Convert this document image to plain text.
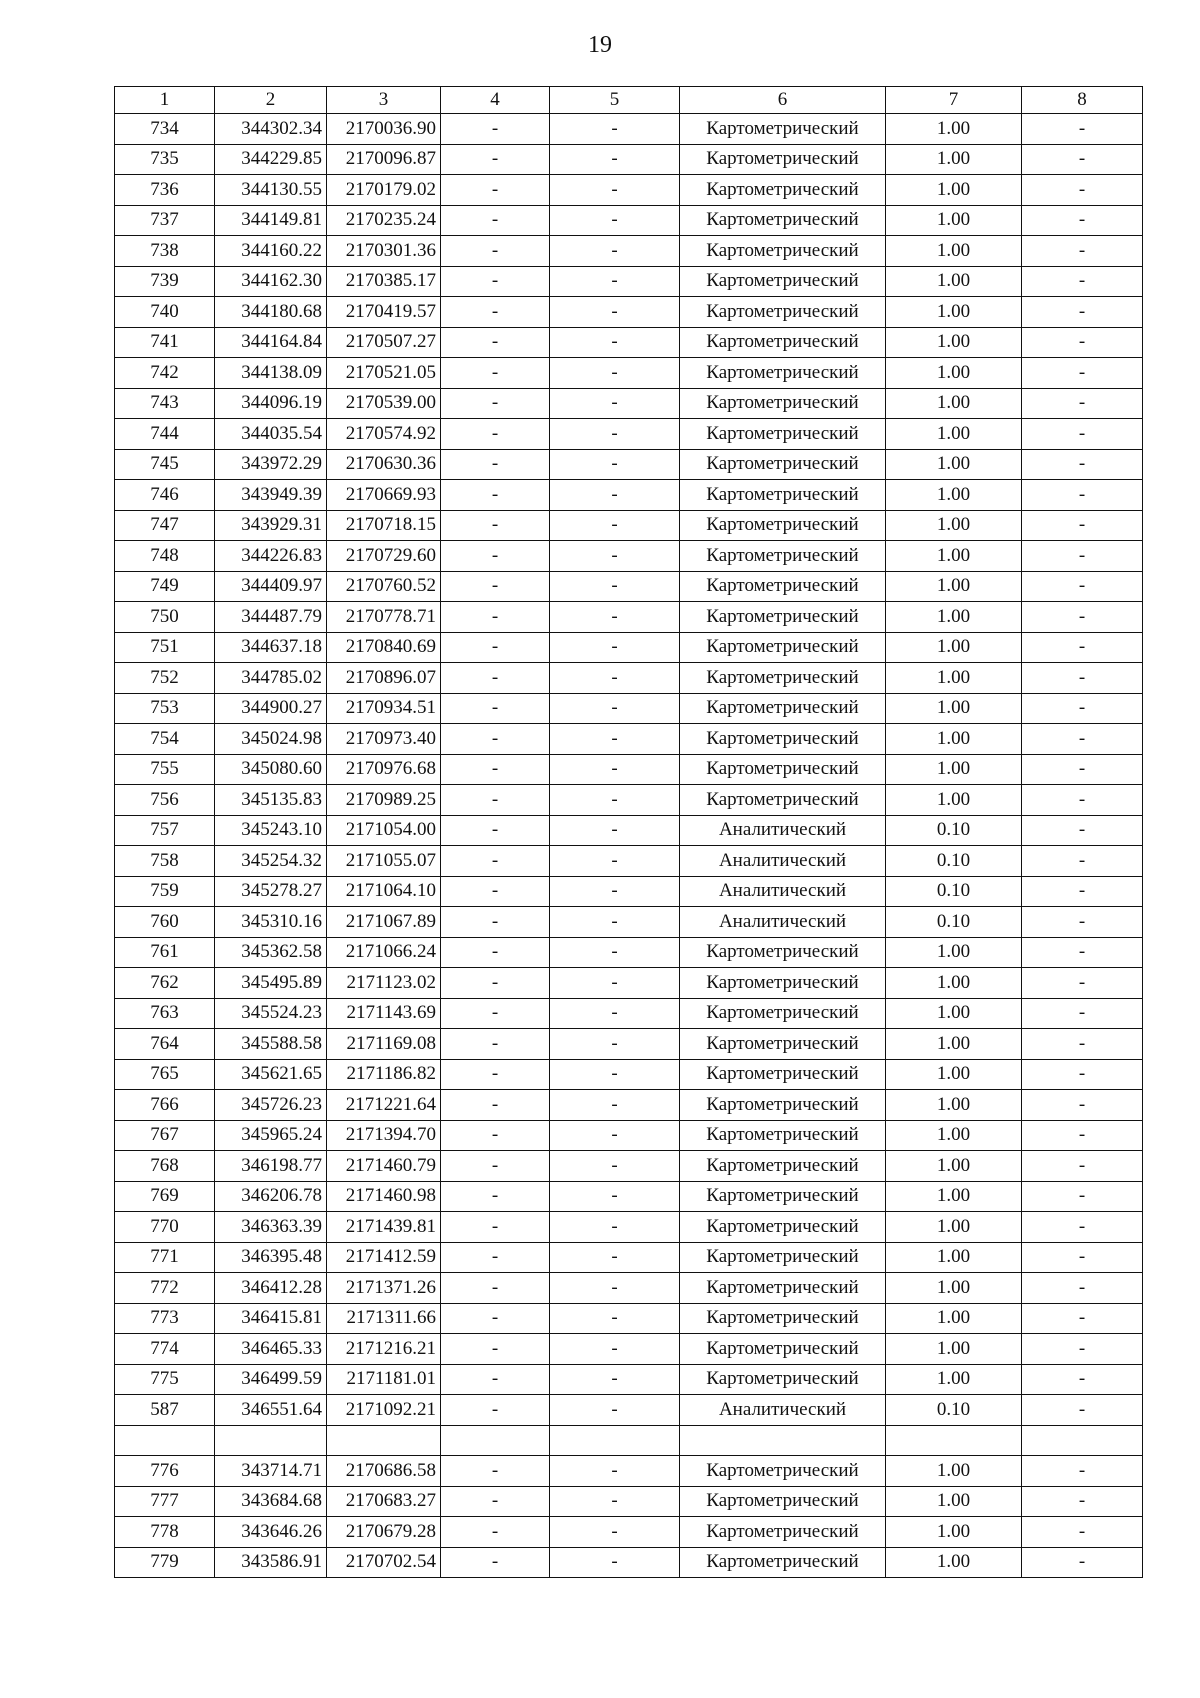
19
1	2	3	4	5	6	7	8
734	344302.34	2170036.90	-	-	Картометрический	1.00	-
735	344229.85	2170096.87	-	-	Картометрический	1.00	-
736	344130.55	2170179.02	-	-	Картометрический	1.00	-
737	344149.81	2170235.24	-	-	Картометрический	1.00	-
738	344160.22	2170301.36	-	-	Картометрический	1.00	-
739	344162.30	2170385.17	-	-	Картометрический	1.00	-
740	344180.68	2170419.57	-	-	Картометрический	1.00	-
741	344164.84	2170507.27	-	-	Картометрический	1.00	-
742	344138.09	2170521.05	-	-	Картометрический	1.00	-
743	344096.19	2170539.00	-	-	Картометрический	1.00	-
744	344035.54	2170574.92	-	-	Картометрический	1.00	-
745	343972.29	2170630.36	-	-	Картометрический	1.00	-
746	343949.39	2170669.93	-	-	Картометрический	1.00	-
747	343929.31	2170718.15	-	-	Картометрический	1.00	-
748	344226.83	2170729.60	-	-	Картометрический	1.00	-
749	344409.97	2170760.52	-	-	Картометрический	1.00	-
750	344487.79	2170778.71	-	-	Картометрический	1.00	-
751	344637.18	2170840.69	-	-	Картометрический	1.00	-
752	344785.02	2170896.07	-	-	Картометрический	1.00	-
753	344900.27	2170934.51	-	-	Картометрический	1.00	-
754	345024.98	2170973.40	-	-	Картометрический	1.00	-
755	345080.60	2170976.68	-	-	Картометрический	1.00	-
756	345135.83	2170989.25	-	-	Картометрический	1.00	-
757	345243.10	2171054.00	-	-	Аналитический	0.10	-
758	345254.32	2171055.07	-	-	Аналитический	0.10	-
759	345278.27	2171064.10	-	-	Аналитический	0.10	-
760	345310.16	2171067.89	-	-	Аналитический	0.10	-
761	345362.58	2171066.24	-	-	Картометрический	1.00	-
762	345495.89	2171123.02	-	-	Картометрический	1.00	-
763	345524.23	2171143.69	-	-	Картометрический	1.00	-
764	345588.58	2171169.08	-	-	Картометрический	1.00	-
765	345621.65	2171186.82	-	-	Картометрический	1.00	-
766	345726.23	2171221.64	-	-	Картометрический	1.00	-
767	345965.24	2171394.70	-	-	Картометрический	1.00	-
768	346198.77	2171460.79	-	-	Картометрический	1.00	-
769	346206.78	2171460.98	-	-	Картометрический	1.00	-
770	346363.39	2171439.81	-	-	Картометрический	1.00	-
771	346395.48	2171412.59	-	-	Картометрический	1.00	-
772	346412.28	2171371.26	-	-	Картометрический	1.00	-
773	346415.81	2171311.66	-	-	Картометрический	1.00	-
774	346465.33	2171216.21	-	-	Картометрический	1.00	-
775	346499.59	2171181.01	-	-	Картометрический	1.00	-
587	346551.64	2171092.21	-	-	Аналитический	0.10	-

776	343714.71	2170686.58	-	-	Картометрический	1.00	-
777	343684.68	2170683.27	-	-	Картометрический	1.00	-
778	343646.26	2170679.28	-	-	Картометрический	1.00	-
779	343586.91	2170702.54	-	-	Картометрический	1.00	-
